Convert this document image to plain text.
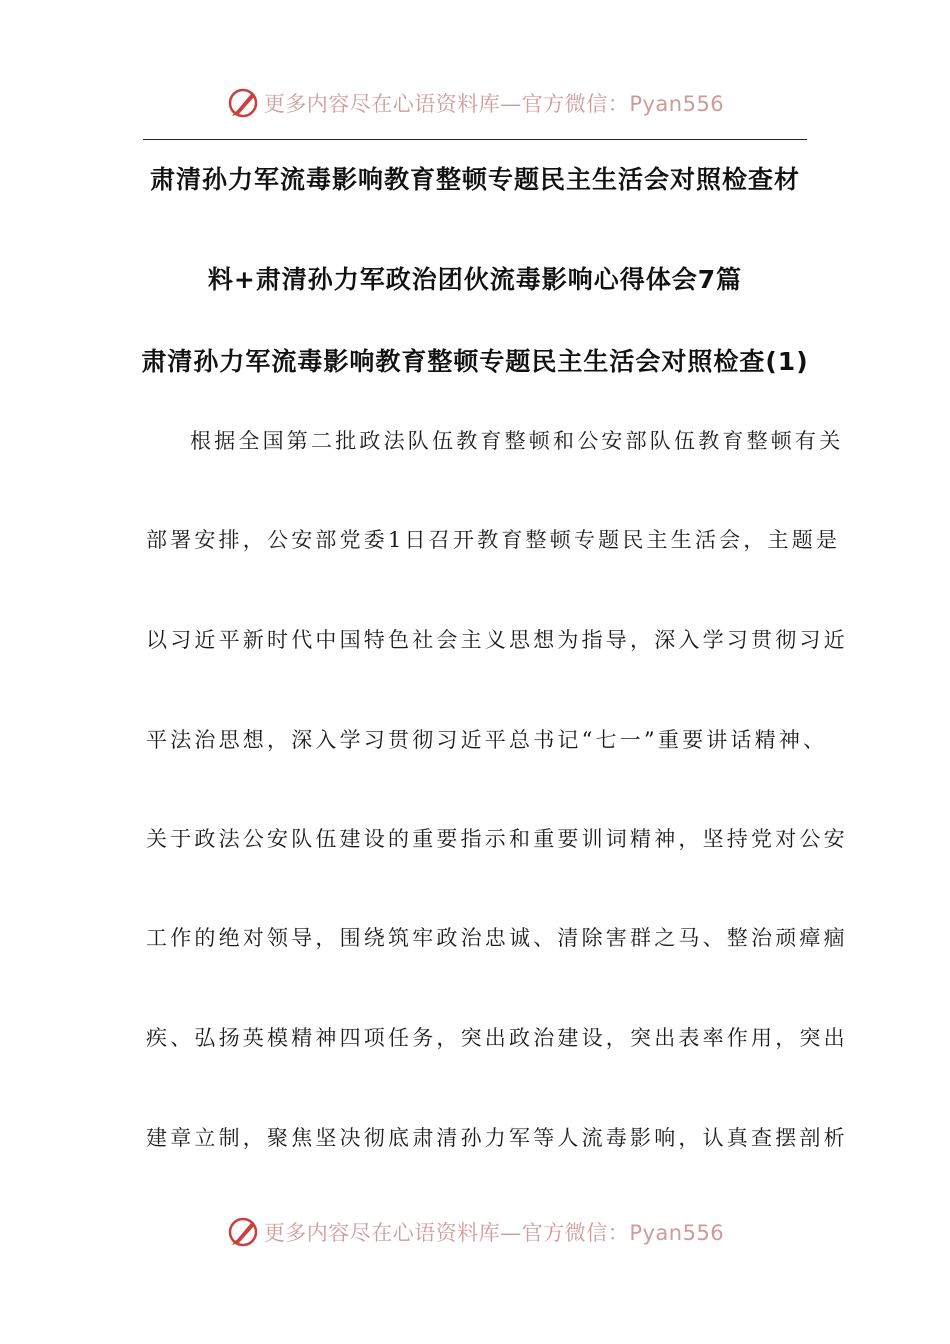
更多内容尽在心语资料库—官方微信：Pyan556
肃清孙力军流毒影响教育整顿专题民主生活会对照检查材
料+肃清孙力军政治团伙流毒影响心得体会7篇
肃清孙力军流毒影响教育整顿专题民主生活会对照检查(1)
根据全国第二批政法队伍教育整顿和公安部队伍教育整顿有关
部署安排，公安部党委1日召开教育整顿专题民主生活会，主题是
以习近平新时代中国特色社会主义思想为指导，深入学习贯彻习近
平法治思想，深入学习贯彻习近平总书记“七一”重要讲话精神、
关于政法公安队伍建设的重要指示和重要训词精神，坚持党对公安
工作的绝对领导，围绕筑牢政治忠诚、清除害群之马、整治顽瘴痼
疾、弘扬英模精神四项任务，突出政治建设，突出表率作用，突出
建章立制，聚焦坚决彻底肃清孙力军等人流毒影响，认真查摆剖析
更多内容尽在心语资料库—官方微信：Pyan556
